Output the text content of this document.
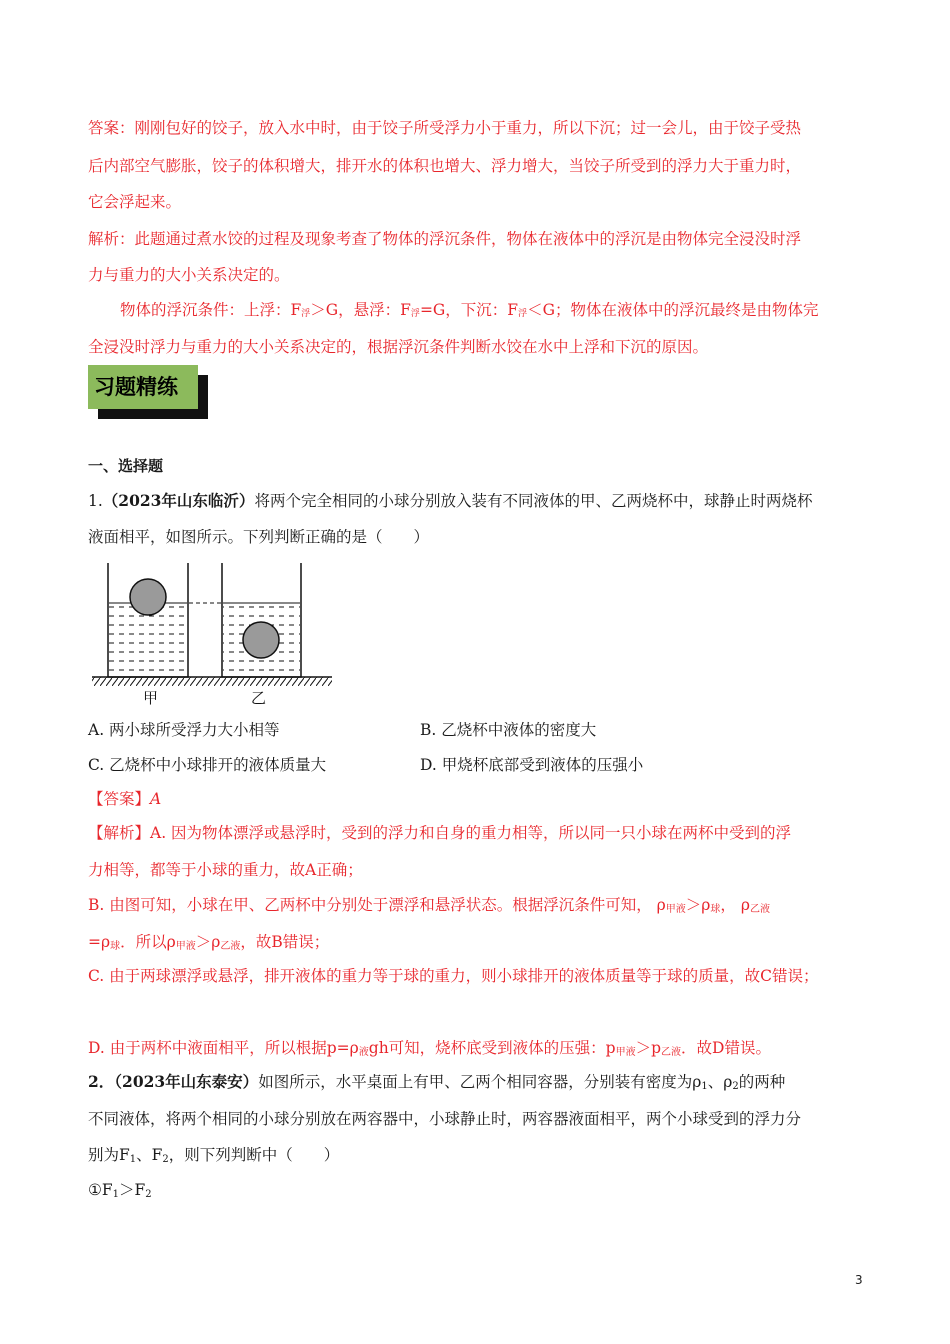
答案：刚刚包好的饺子，放入水中时，由于饺子所受浮力小于重力，所以下沉；过一会儿，由于饺子受热
后内部空气膨胀，饺子的体积增大，排开水的体积也增大、浮力增大，当饺子所受到的浮力大于重力时，
它会浮起来。
解析：此题通过煮水饺的过程及现象考查了物体的浮沉条件，物体在液体中的浮沉是由物体完全浸没时浮
力与重力的大小关系决定的。
物体的浮沉条件：上浮：F浮＞G，悬浮：F浮=G，下沉：F浮＜G；物体在液体中的浮沉最终是由物体完
全浸没时浮力与重力的大小关系决定的，根据浮沉条件判断水饺在水中上浮和下沉的原因。
习题精练
一、选择题
1.（2023年山东临沂）将两个完全相同的小球分别放入装有不同液体的甲、乙两烧杯中，球静止时两烧杯
液面相平，如图所示。下列判断正确的是（　　）
甲	乙
A. 两小球所受浮力大小相等	B. 乙烧杯中液体的密度大
C. 乙烧杯中小球排开的液体质量大	D. 甲烧杯底部受到液体的压强小
【答案】A
【解析】A. 因为物体漂浮或悬浮时，受到的浮力和自身的重力相等，所以同一只小球在两杯中受到的浮
力相等，都等于小球的重力，故A正确；
B. 由图可知，小球在甲、乙两杯中分别处于漂浮和悬浮状态。根据浮沉条件可知， $\rho_{甲液}>\rho_球$， $\rho_{乙液}$
$=\rho_球$．所以$\rho_{甲液}>\rho_{乙液}$，故B错误；
C. 由于两球漂浮或悬浮，排开液体的重力等于球的重力，则小球排开的液体质量等于球的质量，故C错误；
D. 由于两杯中液面相平，所以根据$p=\rho_液gh$可知，烧杯底受到液体的压强：$p_{甲液}>p_{乙液}$．故D错误。
2．（2023年山东泰安）如图所示，水平桌面上有甲、乙两个相同容器，分别装有密度为$\rho_1$、$\rho_2$的两种
不同液体，将两个相同的小球分别放在两容器中，小球静止时，两容器液面相平，两个小球受到的浮力分
别为$F_1$、$F_2$，则下列判断中（　　）
$①F_1>F_2$
3
